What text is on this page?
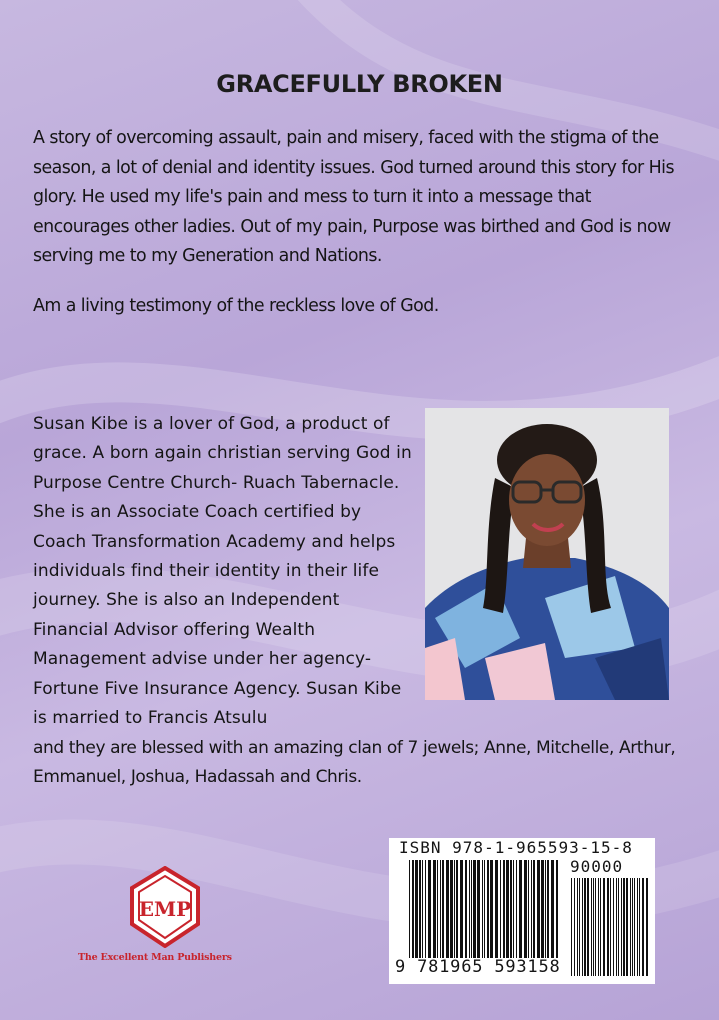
GRACEFULLY BROKEN
A story of overcoming assault, pain and misery, faced with the stigma of the season, a lot of denial and identity issues. God turned around this story for His glory. He used my life's pain and mess to turn it into a message that encourages other ladies. Out of my pain, Purpose was birthed and God is now serving me to my Generation and Nations.
Am a living testimony of the reckless love of God.
Susan Kibe is a lover of God, a product of grace. A born again christian serving God in Purpose Centre Church- Ruach Tabernacle. She is an Associate Coach certified by Coach Transformation Academy and helps individuals find their identity in their life journey. She is also an Independent Financial Advisor offering Wealth Management advise under her agency- Fortune Five Insurance Agency. Susan Kibe is married to Francis Atsulu
and they are blessed with an amazing clan of 7 jewels; Anne, Mitchelle, Arthur, Emmanuel, Joshua, Hadassah and Chris.
ISBN 978-1-965593-15-8
90000
9 781965 593158
EMP
The Excellent Man Publishers
